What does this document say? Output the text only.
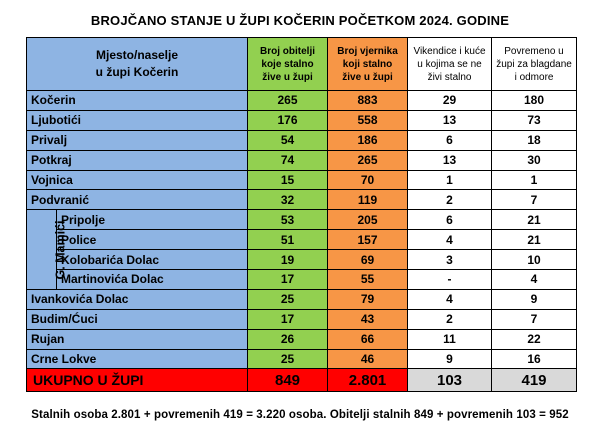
BROJČANO STANJE U ŽUPI KOČERIN POČETKOM 2024. GODINE
Mjesto/naselje
u župi Kočerin		Broj obitelji koje stalno žive u župi	Broj vjernika koji stalno žive u župi	Vikendice i kuće u kojima se ne živi stalno	Povremeno u župi za blagdane i odmore
Kočerin		265	883	29	180
Ljubotići		176	558	13	73
Privalj		54	186	6	18
Potkraj		74	265	13	30
Vojnica		15	70	1	1
Podvranić		32	119	2	7
G. Mamići	Pripolje	53	205	6	21
	Police	51	157	4	21
	Kolobarića Dolac	19	69	3	10
	Martinovića Dolac	17	55	-	4
Ivankovića Dolac		25	79	4	9
Budim/Ćuci		17	43	2	7
Rujan		26	66	11	22
Crne Lokve		25	46	9	16
UKUPNO U ŽUPI		849	2.801	103	419
Stalnih osoba 2.801 + povremenih 419 = 3.220 osoba. Obitelji stalnih 849 + povremenih 103 = 952
